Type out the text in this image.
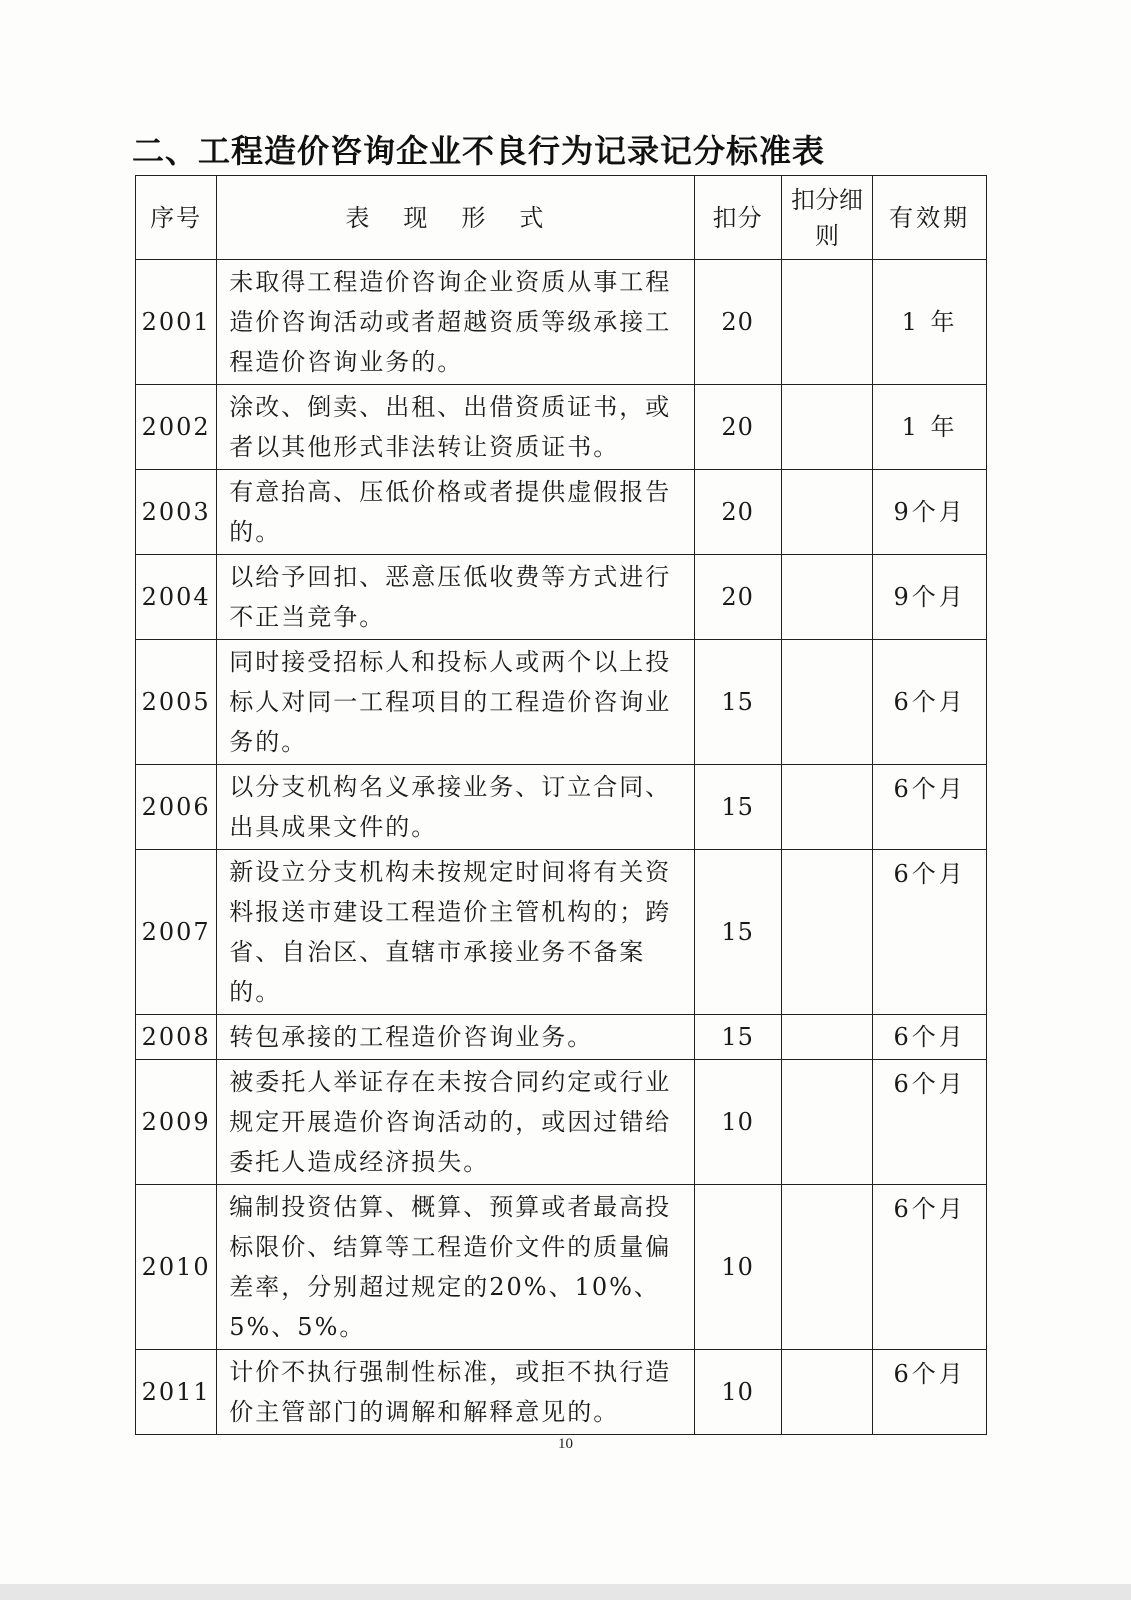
二、工程造价咨询企业不良行为记录记分标准表
序号	表现形式	扣分	扣分细则	有效期
2001	未取得工程造价咨询企业资质从事工程造价咨询活动或者超越资质等级承接工程造价咨询业务的。	20		1 年
2002	涂改、倒卖、出租、出借资质证书，或者以其他形式非法转让资质证书。	20		1 年
2003	有意抬高、压低价格或者提供虚假报告的。	20		9个月
2004	以给予回扣、恶意压低收费等方式进行不正当竞争。	20		9个月
2005	同时接受招标人和投标人或两个以上投标人对同一工程项目的工程造价咨询业务的。	15		6个月
2006	以分支机构名义承接业务、订立合同、出具成果文件的。	15		6个月
2007	新设立分支机构未按规定时间将有关资料报送市建设工程造价主管机构的；跨省、自治区、直辖市承接业务不备案的。	15		6个月
2008	转包承接的工程造价咨询业务。	15		6个月
2009	被委托人举证存在未按合同约定或行业规定开展造价咨询活动的，或因过错给委托人造成经济损失。	10		6个月
2010	编制投资估算、概算、预算或者最高投标限价、结算等工程造价文件的质量偏差率，分别超过规定的20%、10%、5%、5%。	10		6个月
2011	计价不执行强制性标准，或拒不执行造价主管部门的调解和解释意见的。	10		6个月
10
